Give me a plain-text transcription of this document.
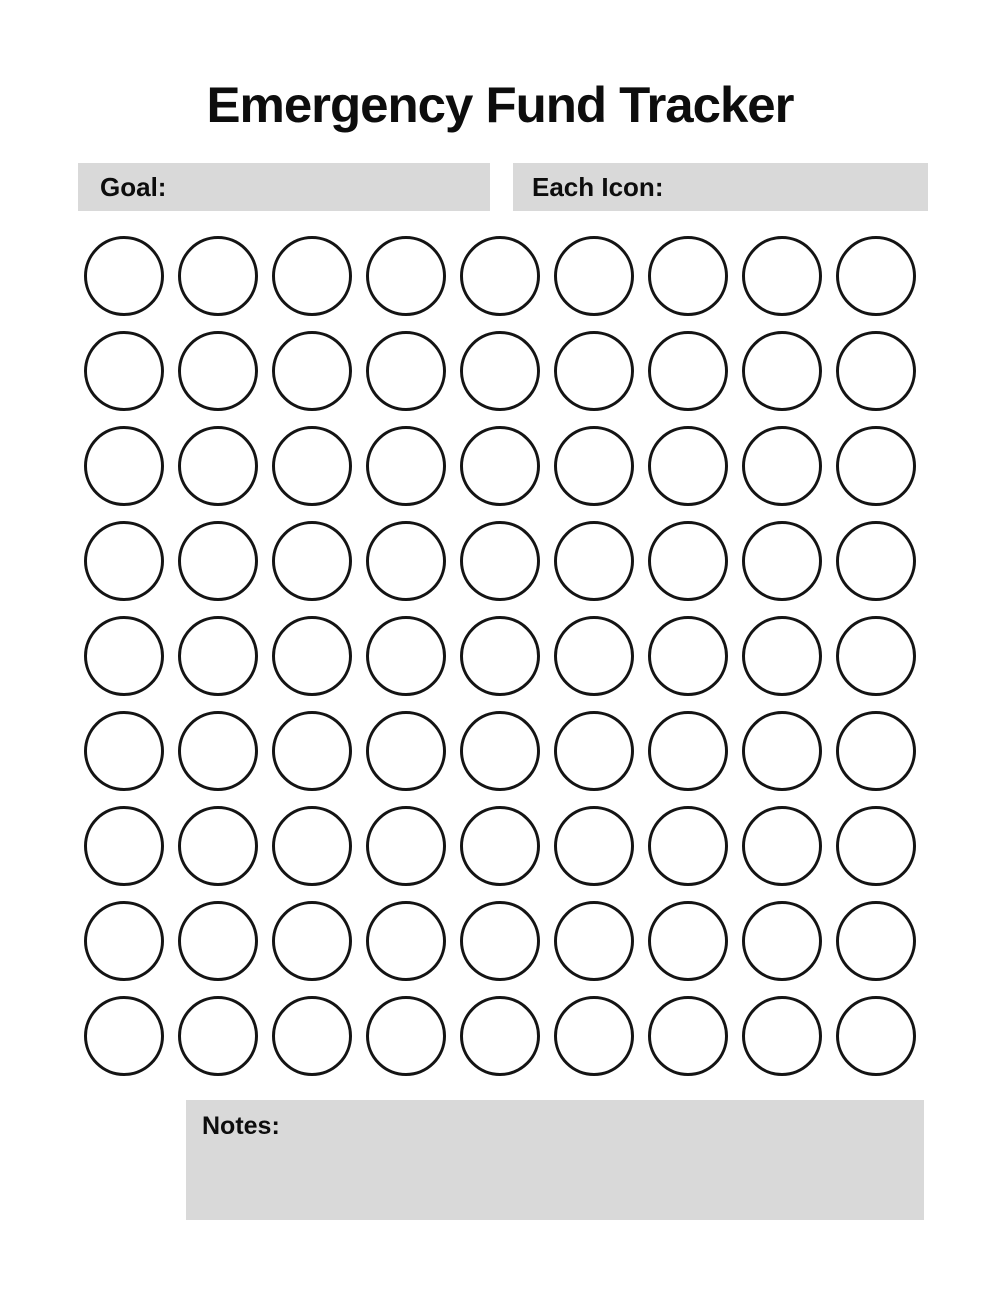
Emergency Fund Tracker
Goal:	Each Icon:
Notes:
